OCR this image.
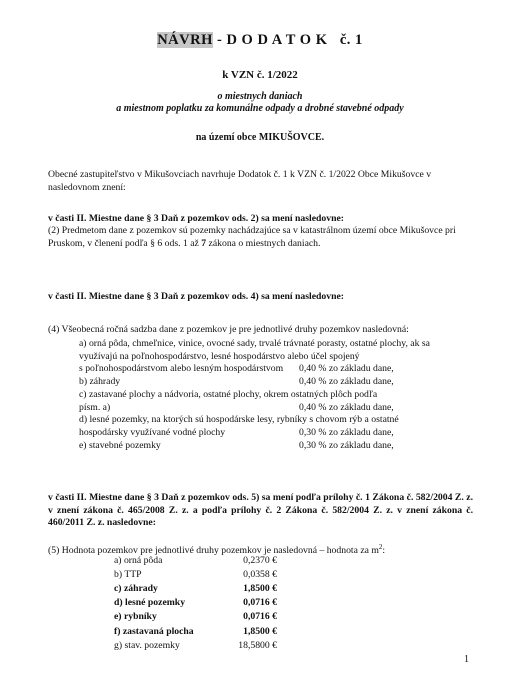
NÁVRH - D O D A T O K   č. 1
k VZN č. 1/2022
o miestnych daniach
a miestnom poplatku za komunálne odpady a drobné stavebné odpady
na území obce MIKUŠOVCE.
Obecné zastupiteľstvo v Mikušovciach navrhuje Dodatok č. 1 k VZN č. 1/2022 Obce Mikušovce v nasledovnom znení:
v časti II. Miestne dane § 3 Daň z pozemkov ods. 2) sa mení nasledovne:
(2) Predmetom dane z pozemkov sú pozemky nachádzajúce sa v katastrálnom území obce Mikušovce pri Pruskom, v členení podľa § 6 ods. 1 až 7 zákona o miestnych daniach.
v časti II. Miestne dane § 3 Daň z pozemkov ods. 4) sa mení nasledovne:
(4) Všeobecná ročná sadzba dane z pozemkov je pre jednotlivé druhy pozemkov nasledovná:
a) orná pôda, chmeľnice, vinice, ovocné sady, trvalé trávnaté porasty, ostatné plochy, ak sa
využívajú na poľnohospodárstvo, lesné hospodárstvo alebo účel spojený
s poľnohospodárstvom alebo lesným hospodárstvom 0,40 % zo základu dane,
b) záhrady	0,40 % zo základu dane,
c) zastavané plochy a nádvoria, ostatné plochy, okrem ostatných plôch podľa
písm. a)	0,40 % zo základu dane,
d) lesné pozemky, na ktorých sú hospodárske lesy, rybníky s chovom rýb a ostatné
hospodársky využívané vodné plochy	0,30 % zo základu dane,
e) stavebné pozemky	0,30 % zo základu dane,
v časti II. Miestne dane § 3 Daň z pozemkov ods. 5) sa mení podľa prílohy č. 1 Zákona č. 582/2004 Z. z. v znení zákona č. 465/2008 Z. z. a podľa prílohy č. 2 Zákona č. 582/2004 Z. z. v znení zákona č. 460/2011 Z. z. nasledovne:
(5) Hodnota pozemkov pre jednotlivé druhy pozemkov je nasledovná – hodnota za $m^2$:
a) orná pôda	0,2370 €
b) TTP	0,0358 €
c) záhrady	1,8500 €
d) lesné pozemky	0,0716 €
e) rybníky	0,0716 €
f) zastavaná plocha	1,8500 €
g) stav. pozemky	18,5800 €
1
